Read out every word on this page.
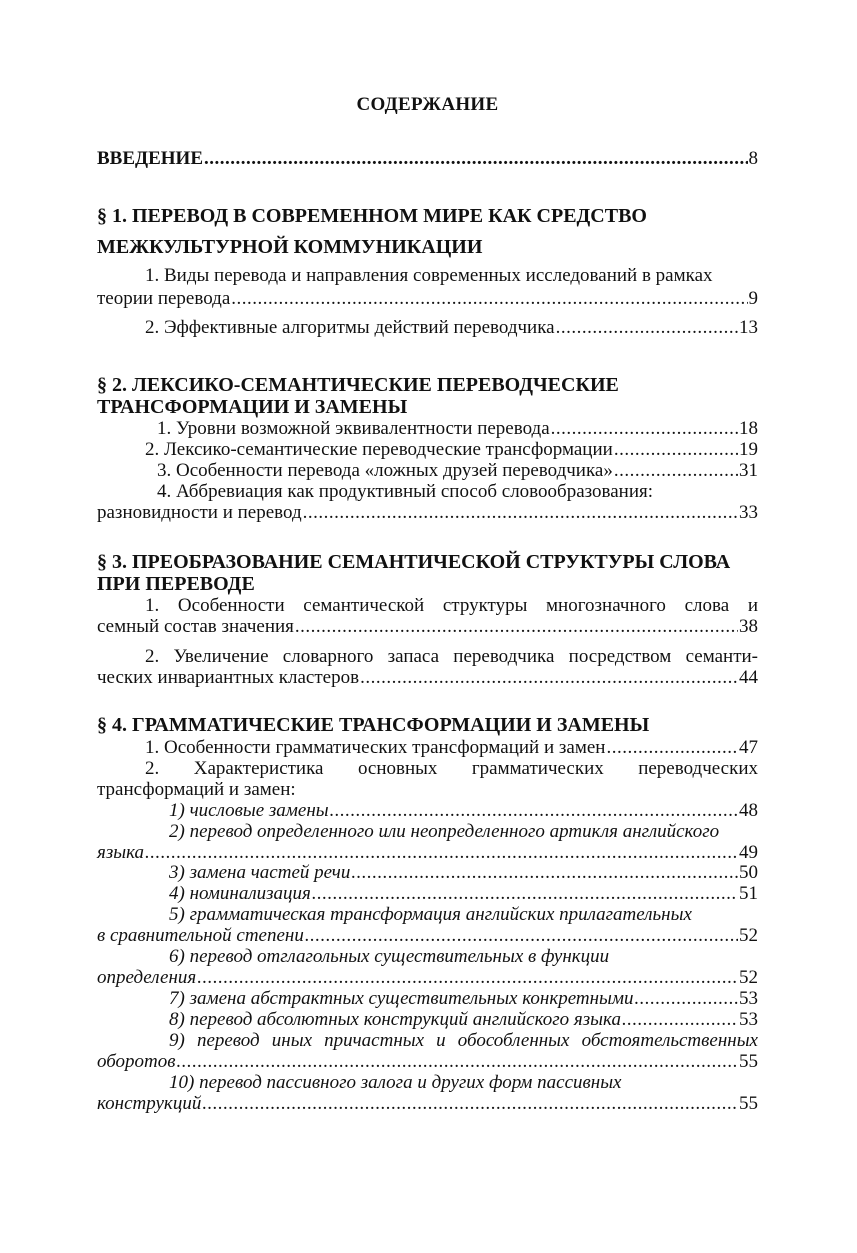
СОДЕРЖАНИЕ
ВВЕДЕНИЕ .....	8
§ 1. ПЕРЕВОД В СОВРЕМЕННОМ МИРЕ КАК СРЕДСТВО
МЕЖКУЛЬТУРНОЙ КОММУНИКАЦИИ
1. Виды перевода и направления современных исследований в рамках
теории перевода .....	9
2. Эффективные алгоритмы действий переводчика .....	13
§ 2. ЛЕКСИКО-СЕМАНТИЧЕСКИЕ ПЕРЕВОДЧЕСКИЕ
ТРАНСФОРМАЦИИ И ЗАМЕНЫ
1. Уровни возможной эквивалентности перевода .....	18
2. Лексико-семантические переводческие трансформации .....	19
3. Особенности перевода «ложных друзей переводчика» .....	31
4. Аббревиация как продуктивный способ словообразования:
разновидности и перевод .....	33
§ 3. ПРЕОБРАЗОВАНИЕ СЕМАНТИЧЕСКОЙ СТРУКТУРЫ СЛОВА
ПРИ ПЕРЕВОДЕ
1. Особенности семантической структуры многозначного слова и
семный состав значения .....	38
2. Увеличение словарного запаса переводчика посредством семанти-
ческих инвариантных кластеров .....	44
§ 4. ГРАММАТИЧЕСКИЕ ТРАНСФОРМАЦИИ И ЗАМЕНЫ
1. Особенности грамматических трансформаций и замен .....	47
2. Характеристика основных грамматических переводческих
трансформаций и замен:
1) числовые замены .....	48
2) перевод определенного или неопределенного артикля английского
языка .....	49
3) замена частей речи .....	50
4) номинализация .....	51
5) грамматическая трансформация английских прилагательных
в сравнительной степени .....	52
6) перевод отглагольных существительных в функции
определения .....	52
7) замена абстрактных существительных конкретными .....	53
8) перевод абсолютных конструкций английского языка .....	53
9) перевод иных причастных и обособленных обстоятельственных
оборотов .....	55
10) перевод пассивного залога и других форм пассивных
конструкций .....	55
